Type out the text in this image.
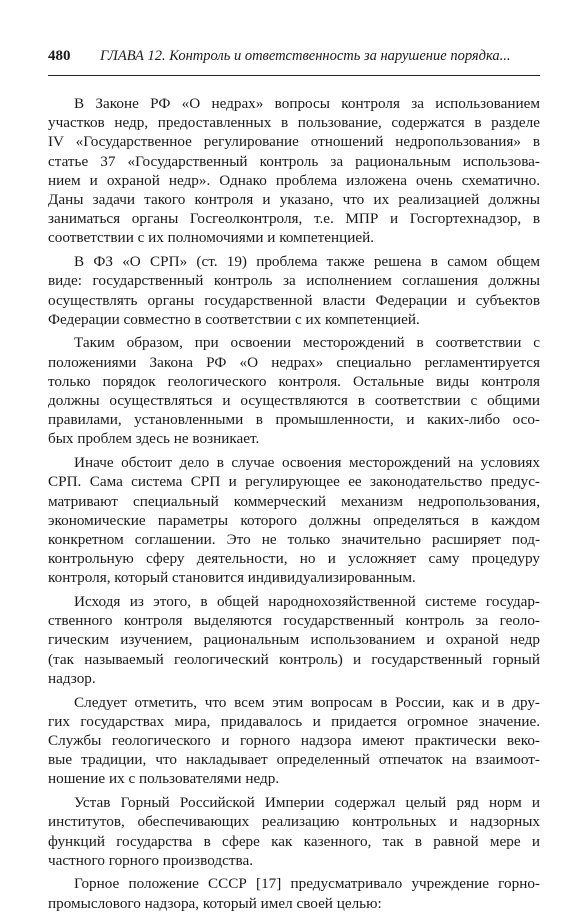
480 ГЛАВА 12. Контроль и ответственность за нарушение порядка...

В Законе РФ «О недрах» вопросы контроля за использованием
участков недр, предоставленных в пользование, содержатся в разделе
IV «Государственное регулирование отношений недропользования» в
статье 37 «Государственный контроль за рациональным использова-
нием и охраной недр». Однако проблема изложена очень схематично.
Даны задачи такого контроля и указано, что их реализацией должны
заниматься органы Госгеолконтроля, т.е. МПР и Госгортехнадзор, в
соответствии с их полномочиями и компетенцией.

В ФЗ «О СРП» (ст. 19) проблема также решена в самом общем
виде: государственный контроль за исполнением соглашения должны
осуществлять органы государственной власти Федерации и субъектов
Федерации совместно в соответствии с их компетенцией.

Таким образом, при освоении месторождений в соответствии с
положениями Закона РФ «О недрах» специально регламентируется
только порядок геологического контроля. Остальные виды контроля
должны осуществляться и осуществляются в соответствии с общими
правилами, установленными в промышленности, и каких-либо осо-
бых проблем здесь не возникает.

Иначе обстоит дело в случае освоения месторождений на условиях
СРП. Сама система СРП и регулирующее ее законодательство предус-
матривают специальный коммерческий механизм недропользования,
экономические параметры которого должны определяться в каждом
конкретном соглашении. Это не только значительно расширяет под-
контрольную сферу деятельности, но и усложняет саму процедуру
контроля, который становится индивидуализированным.

Исходя из этого, в общей народнохозяйственной системе государ-
ственного контроля выделяются государственный контроль за геоло-
гическим изучением, рациональным использованием и охраной недр
(так называемый геологический контроль) и государственный горный
надзор.

Следует отметить, что всем этим вопросам в России, как и в дру-
гих государствах мира, придавалось и придается огромное значение.
Службы геологического и горного надзора имеют практически веко-
вые традиции, что накладывает определенный отпечаток на взаимоот-
ношение их с пользователями недр.

Устав Горный Российской Империи содержал целый ряд норм и
институтов, обеспечивающих реализацию контрольных и надзорных
функций государства в сфере как казенного, так в равной мере и
частного горного производства.

Горное положение СССР [17] предусматривало учреждение горно-
промыслового надзора, который имел своей целью:
